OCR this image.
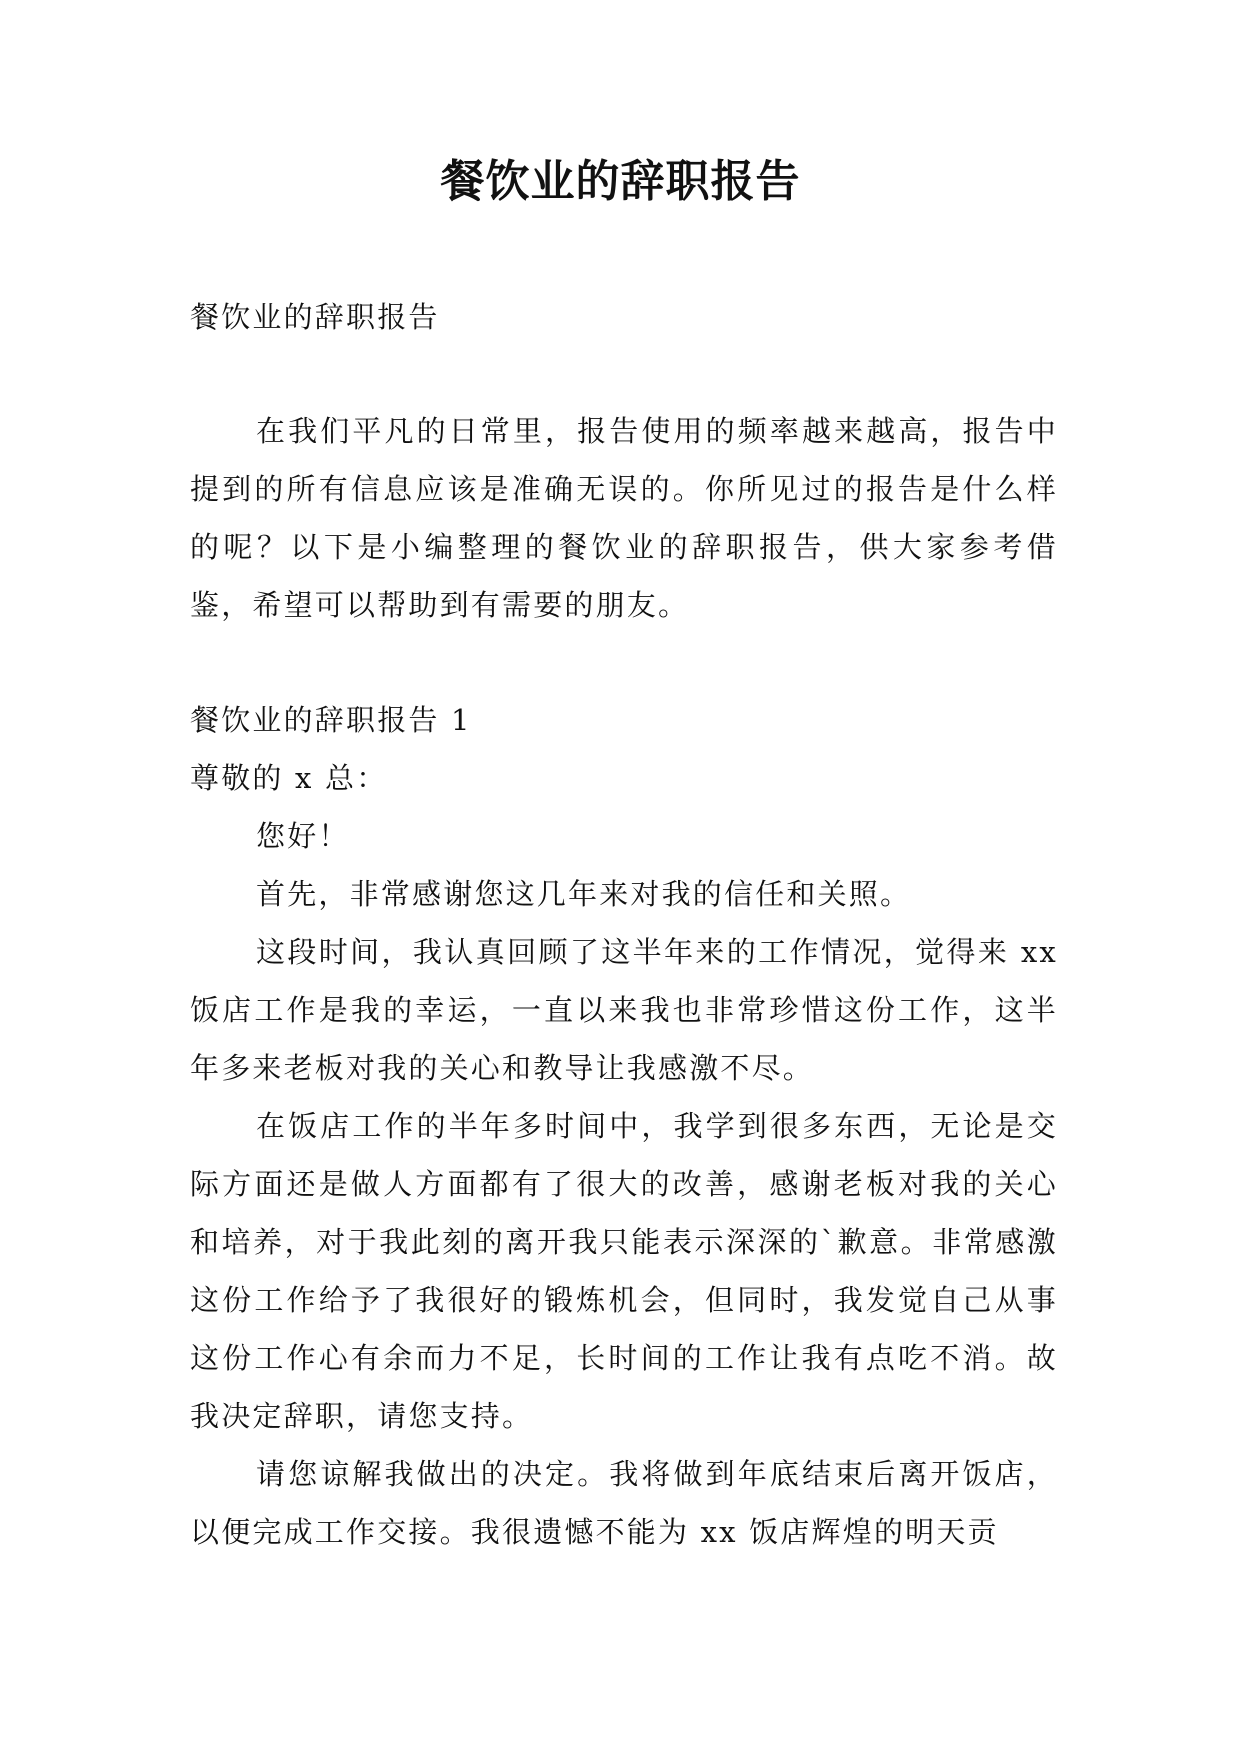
餐饮业的辞职报告

餐饮业的辞职报告

在我们平凡的日常里，报告使用的频率越来越高，报告中提到的所有信息应该是准确无误的。你所见过的报告是什么样的呢？以下是小编整理的餐饮业的辞职报告，供大家参考借鉴，希望可以帮助到有需要的朋友。

餐饮业的辞职报告 1

尊敬的 x 总：

您好！

首先，非常感谢您这几年来对我的信任和关照。

这段时间，我认真回顾了这半年来的工作情况，觉得来 xx 饭店工作是我的幸运，一直以来我也非常珍惜这份工作，这半年多来老板对我的关心和教导让我感激不尽。

在饭店工作的半年多时间中，我学到很多东西，无论是交际方面还是做人方面都有了很大的改善，感谢老板对我的关心和培养，对于我此刻的离开我只能表示深深的`歉意。非常感激这份工作给予了我很好的锻炼机会，但同时，我发觉自己从事这份工作心有余而力不足，长时间的工作让我有点吃不消。故我决定辞职，请您支持。

请您谅解我做出的决定。我将做到年底结束后离开饭店，以便完成工作交接。我很遗憾不能为 xx 饭店辉煌的明天贡
